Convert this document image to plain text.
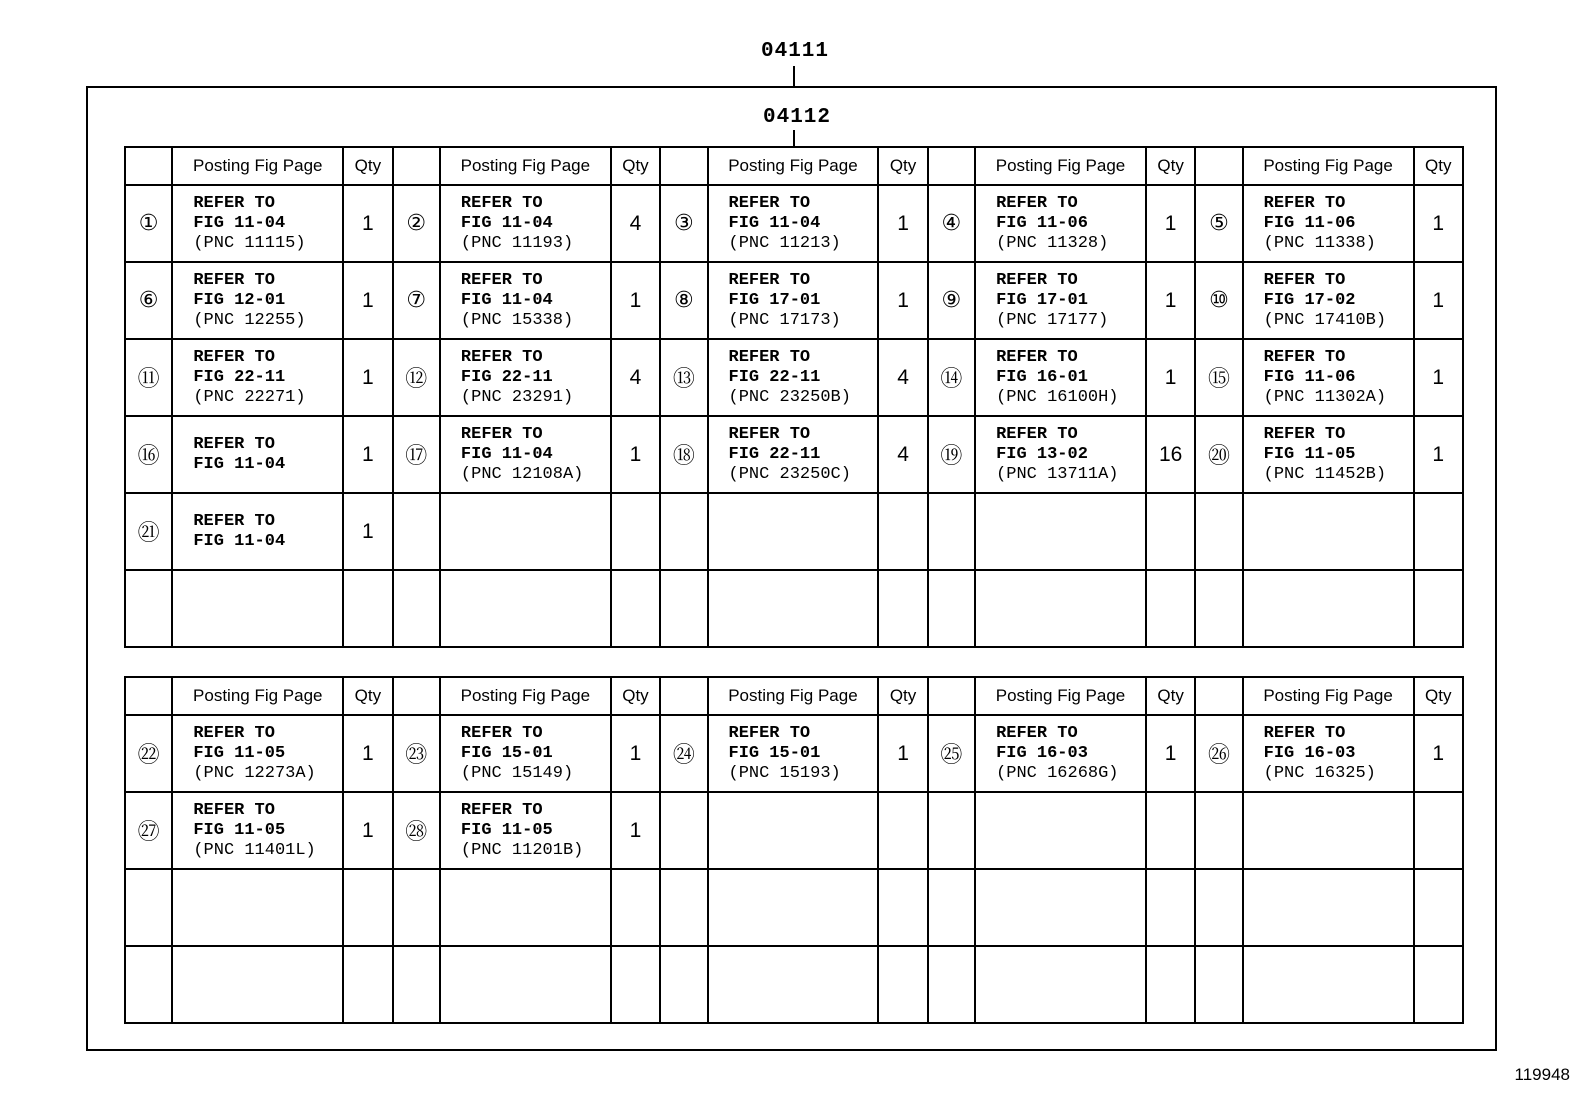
04111
04112
	Posting Fig Page	Qty		Posting Fig Page	Qty		Posting Fig Page	Qty		Posting Fig Page	Qty		Posting Fig Page	Qty
①	REFER TO
FIG 11-04
(PNC 11115)	1	②	REFER TO
FIG 11-04
(PNC 11193)	4	③	REFER TO
FIG 11-04
(PNC 11213)	1	④	REFER TO
FIG 11-06
(PNC 11328)	1	⑤	REFER TO
FIG 11-06
(PNC 11338)	1
⑥	REFER TO
FIG 12-01
(PNC 12255)	1	⑦	REFER TO
FIG 11-04
(PNC 15338)	1	⑧	REFER TO
FIG 17-01
(PNC 17173)	1	⑨	REFER TO
FIG 17-01
(PNC 17177)	1	⑩	REFER TO
FIG 17-02
(PNC 17410B)	1
⑪	REFER TO
FIG 22-11
(PNC 22271)	1	⑫	REFER TO
FIG 22-11
(PNC 23291)	4	⑬	REFER TO
FIG 22-11
(PNC 23250B)	4	⑭	REFER TO
FIG 16-01
(PNC 16100H)	1	⑮	REFER TO
FIG 11-06
(PNC 11302A)	1
⑯	REFER TO
FIG 11-04	1	⑰	REFER TO
FIG 11-04
(PNC 12108A)	1	⑱	REFER TO
FIG 22-11
(PNC 23250C)	4	⑲	REFER TO
FIG 13-02
(PNC 13711A)	16	⑳	REFER TO
FIG 11-05
(PNC 11452B)	1
㉑	REFER TO
FIG 11-04	1		

	Posting Fig Page	Qty		Posting Fig Page	Qty		Posting Fig Page	Qty		Posting Fig Page	Qty		Posting Fig Page	Qty
㉒	REFER TO
FIG 11-05
(PNC 12273A)	1	㉓	REFER TO
FIG 15-01
(PNC 15149)	1	㉔	REFER TO
FIG 15-01
(PNC 15193)	1	㉕	REFER TO
FIG 16-03
(PNC 16268G)	1	㉖	REFER TO
FIG 16-03
(PNC 16325)	1
㉗	REFER TO
FIG 11-05
(PNC 11401L)	1	㉘	REFER TO
FIG 11-05
(PNC 11201B)	1		

119948
